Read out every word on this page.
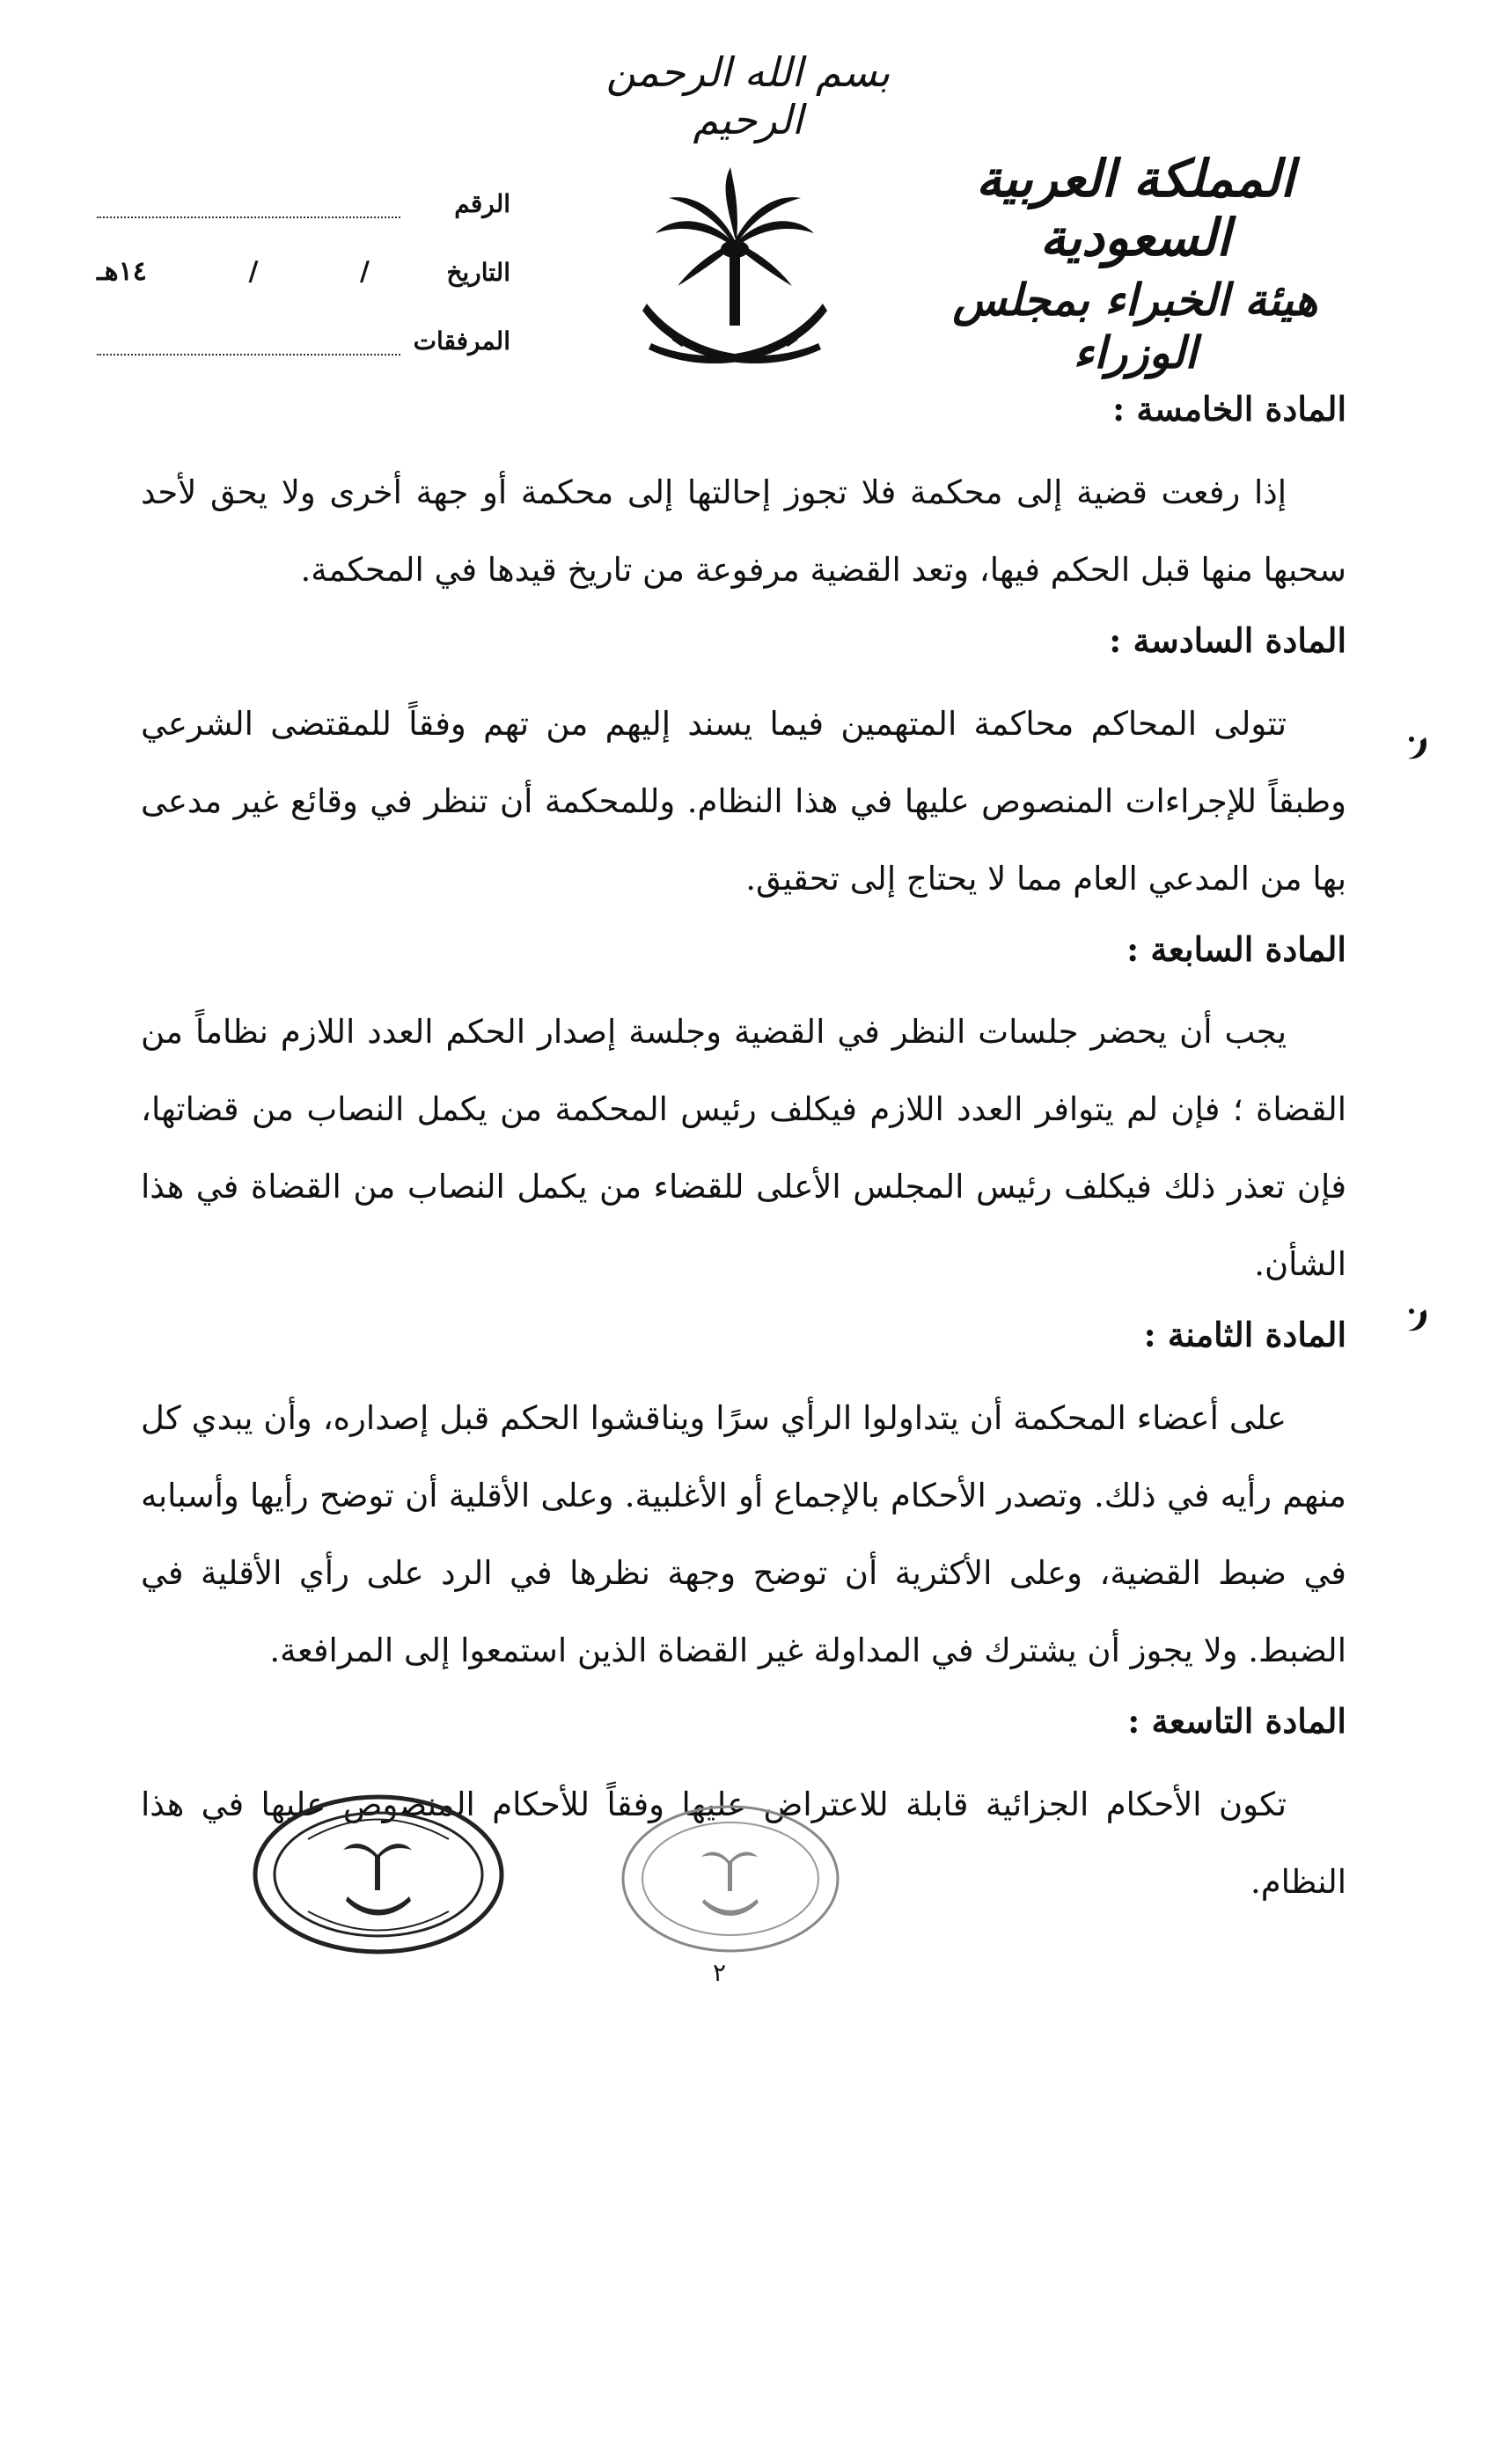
بسم الله الرحمن الرحيم
المملكة العربية السعودية
هيئة الخبراء بمجلس الوزراء
الرقم
التاريخ
/
/
١٤هـ
المرفقات
المادة الخامسة :

إذا رفعت قضية إلى محكمة فلا تجوز إحالتها إلى محكمة أو جهة أخرى ولا يحق لأحد سحبها منها قبل الحكم فيها، وتعد القضية مرفوعة من تاريخ قيدها في المحكمة.

المادة السادسة :

تتولى المحاكم محاكمة المتهمين فيما يسند إليهم من تهم وفقاً للمقتضى الشرعي وطبقاً للإجراءات المنصوص عليها في هذا النظام. وللمحكمة أن تنظر في وقائع غير مدعى بها من المدعي العام مما لا يحتاج إلى تحقيق.

المادة السابعة :

يجب أن يحضر جلسات النظر في القضية وجلسة إصدار الحكم العدد اللازم نظاماً من القضاة ؛ فإن لم يتوافر العدد اللازم فيكلف رئيس المحكمة من يكمل النصاب من قضاتها، فإن تعذر ذلك فيكلف رئيس المجلس الأعلى للقضاء من يكمل النصاب من القضاة في هذا الشأن.

المادة الثامنة :

على أعضاء المحكمة أن يتداولوا الرأي سرًا ويناقشوا الحكم قبل إصداره، وأن يبدي كل منهم رأيه في ذلك. وتصدر الأحكام بالإجماع أو الأغلبية. وعلى الأقلية أن توضح رأيها وأسبابه في ضبط القضية، وعلى الأكثرية أن توضح وجهة نظرها في الرد على رأي الأقلية في الضبط. ولا يجوز أن يشترك في المداولة غير القضاة الذين استمعوا إلى المرافعة.

المادة التاسعة :

تكون الأحكام الجزائية قابلة للاعتراض عليها وفقاً للأحكام المنصوص عليها في هذا النظام.

٢
